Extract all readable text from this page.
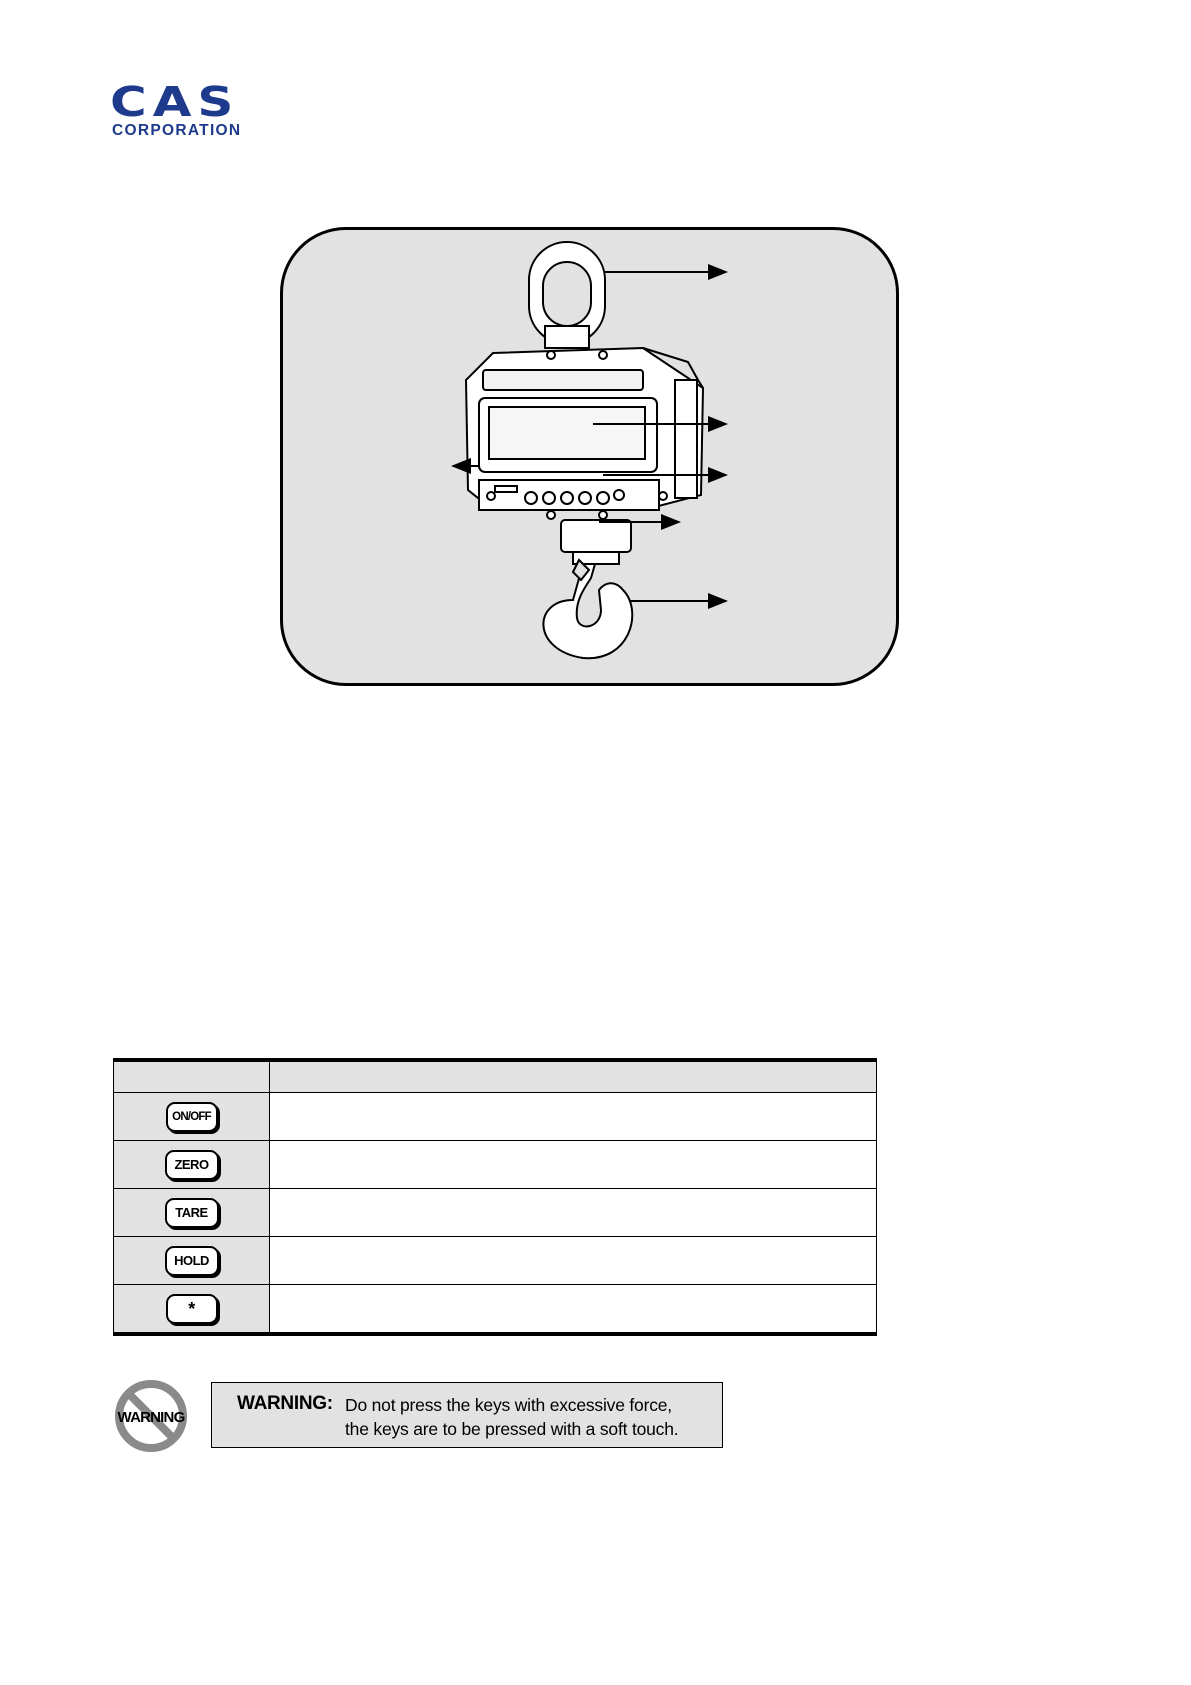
CAS
CORPORATION

ON/OFF	
ZERO	
TARE	
HOLD	
*	
WARNING
WARNING: Do not press the keys with excessive force,
the keys are to be pressed with a soft touch.
